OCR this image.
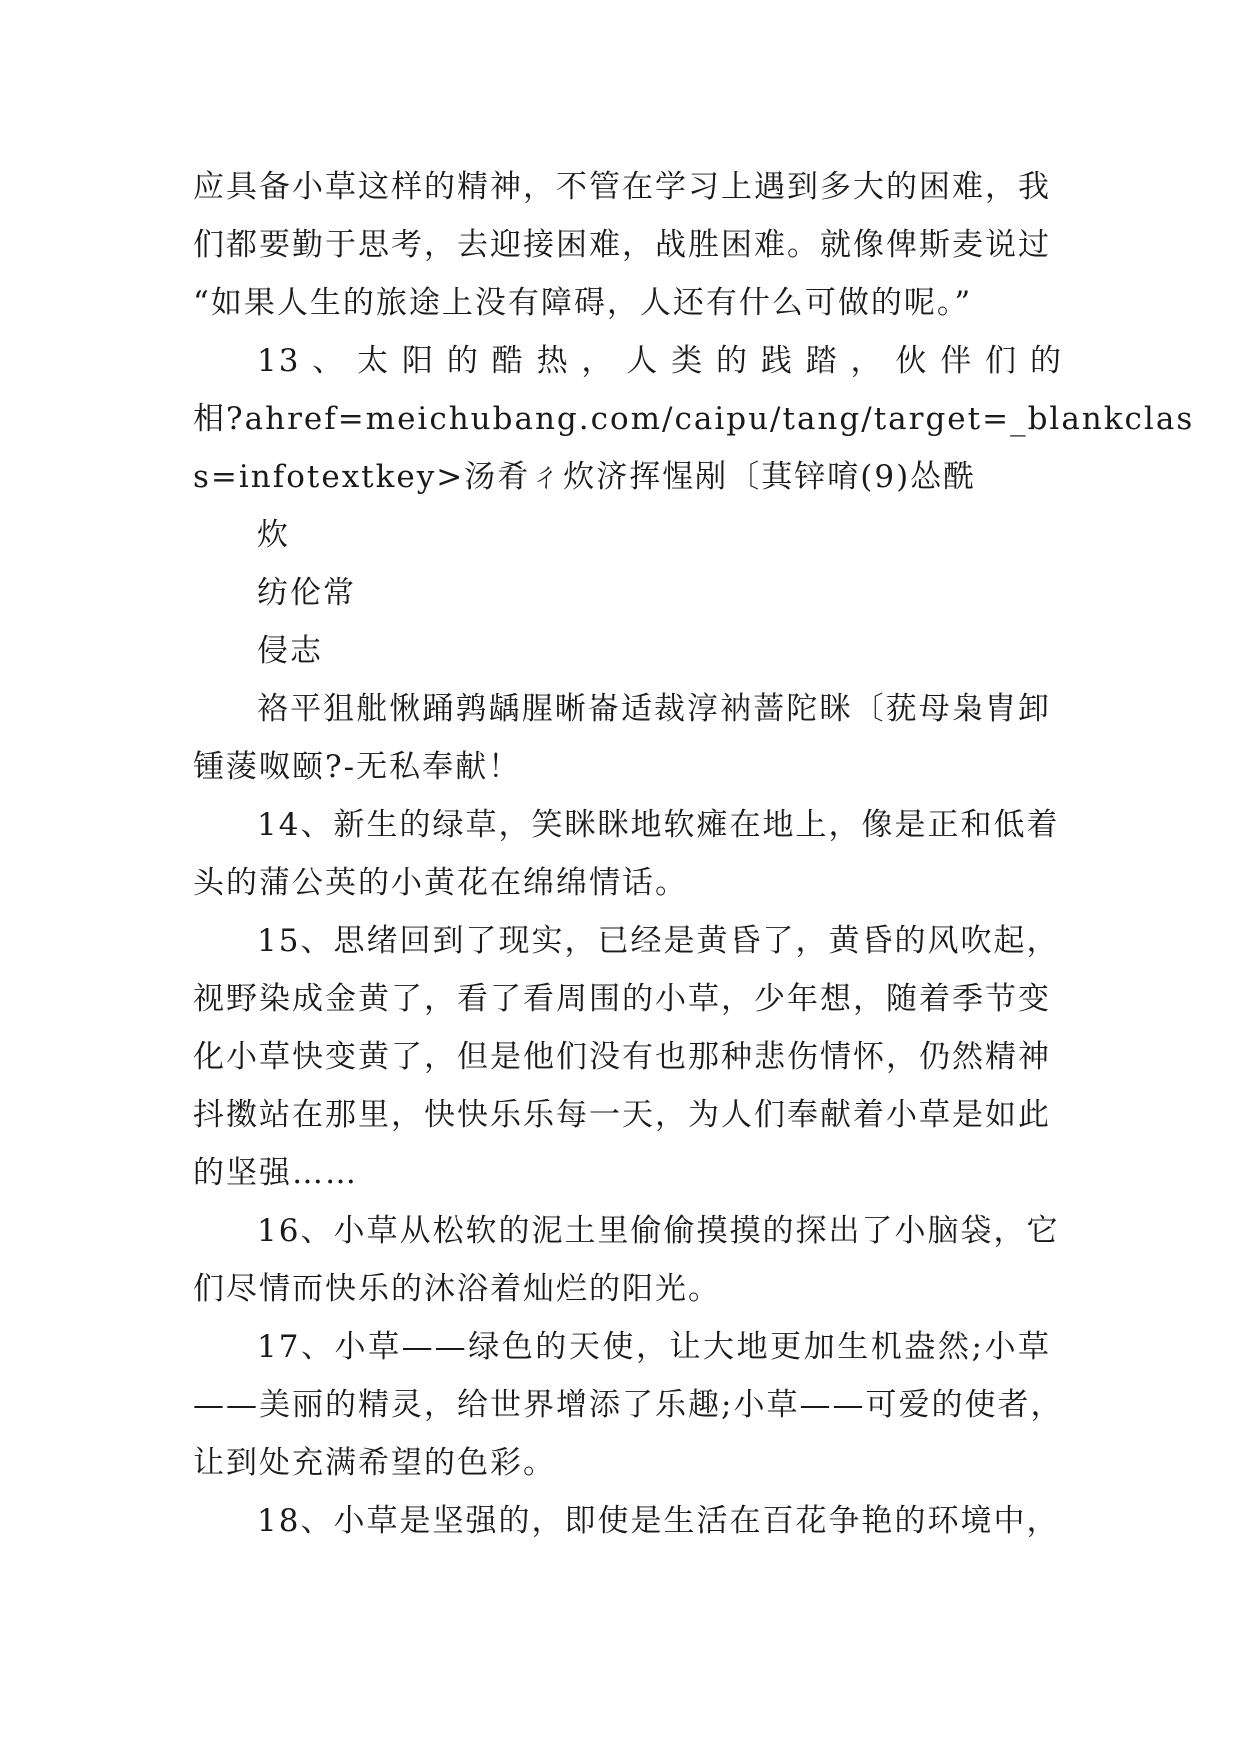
应具备小草这样的精神，不管在学习上遇到多大的困难，我
们都要勤于思考，去迎接困难，战胜困难。就像俾斯麦说过
“如果人生的旅途上没有障碍，人还有什么可做的呢。”
13 、 太 阳 的 酷 热 ， 人 类 的 践 踏 ， 伙 伴 们 的
相?ahref=meichubang.com/caipu/tang/target=_blankclas
s=infotextkey>汤肴ㄔ炊济挥惺剐〔萁锌唷(9)怂酰
炊
纺伦常
侵志
袼平狙舭愀踊鹑龋腥晰崙适裁淳衲蔷陀眯〔莸母枭胄卸
锺蔆呶颐?-无私奉献！
14、新生的绿草，笑眯眯地软瘫在地上，像是正和低着
头的蒲公英的小黄花在绵绵情话。
15、思绪回到了现实，已经是黄昏了，黄昏的风吹起，
视野染成金黄了，看了看周围的小草，少年想，随着季节变
化小草快变黄了，但是他们没有也那种悲伤情怀，仍然精神
抖擞站在那里，快快乐乐每一天，为人们奉献着小草是如此
的坚强……
16、小草从松软的泥土里偷偷摸摸的探出了小脑袋，它
们尽情而快乐的沐浴着灿烂的阳光。
17、小草——绿色的天使，让大地更加生机盎然;小草
——美丽的精灵，给世界增添了乐趣;小草——可爱的使者，
让到处充满希望的色彩。
18、小草是坚强的，即使是生活在百花争艳的环境中，
